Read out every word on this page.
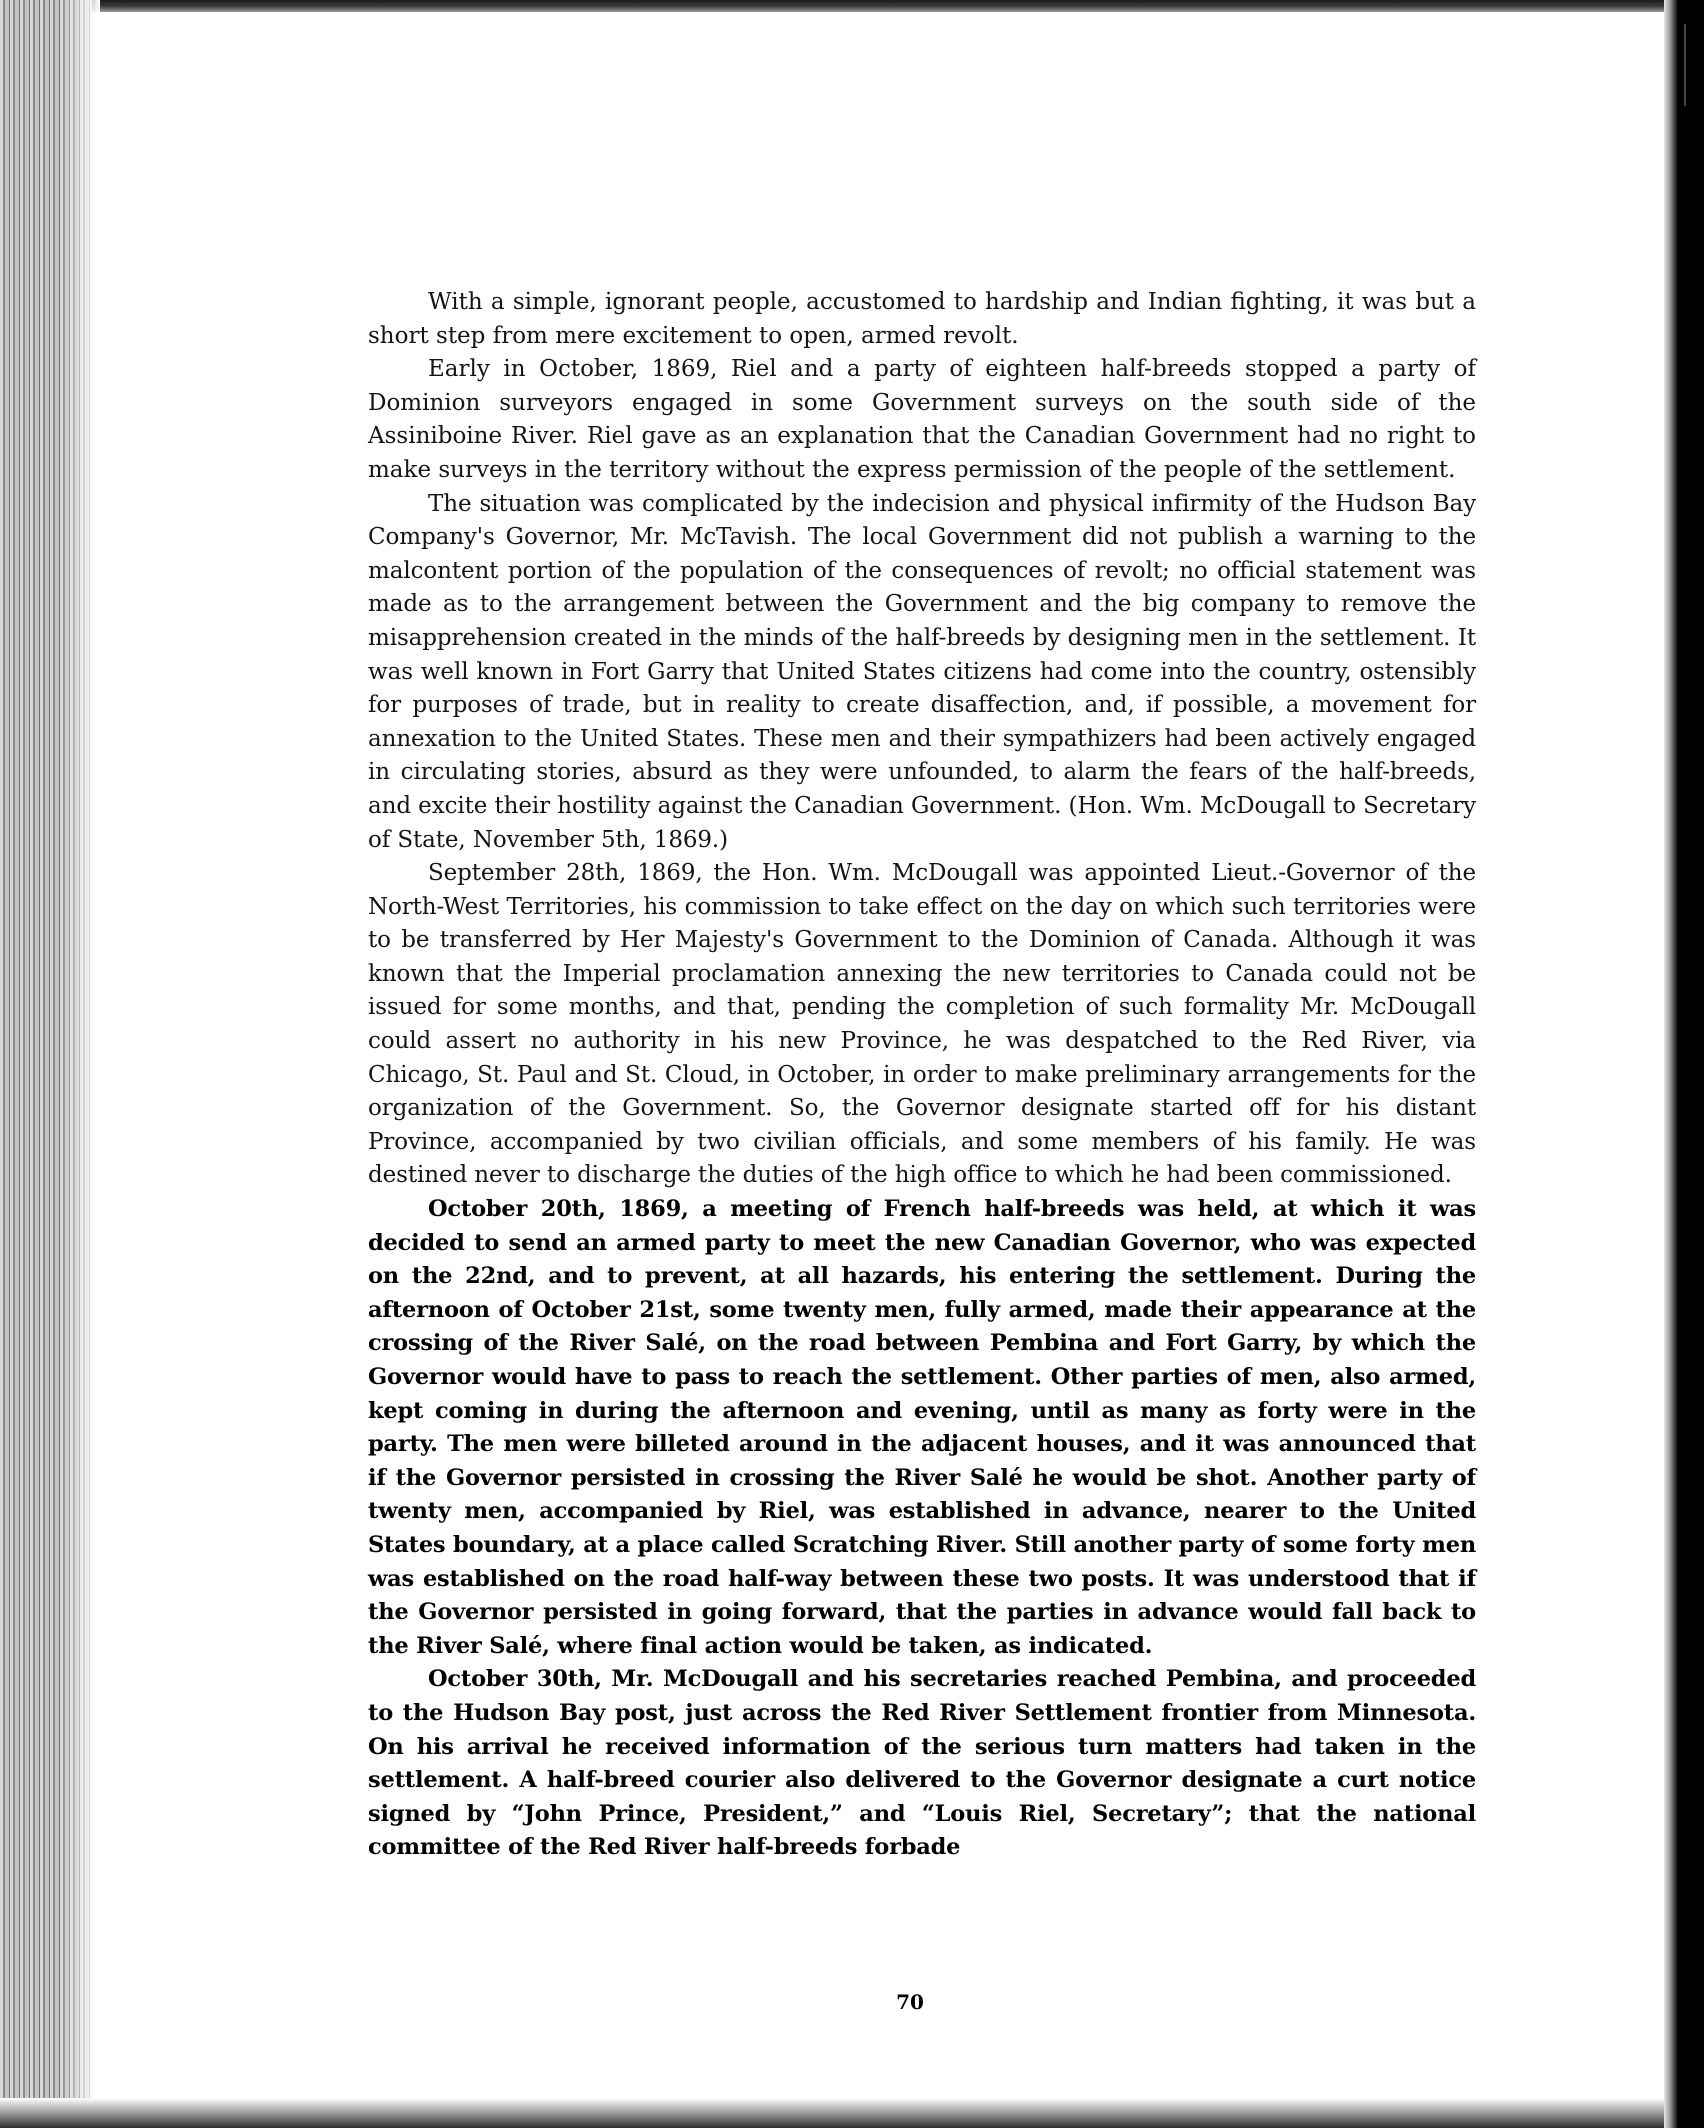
With a simple, ignorant people, accustomed to hardship and Indian fighting, it was but a short step from mere excitement to open, armed revolt.

Early in October, 1869, Riel and a party of eighteen half-breeds stopped a party of Dominion surveyors engaged in some Government surveys on the south side of the Assiniboine River. Riel gave as an explanation that the Canadian Government had no right to make surveys in the territory without the express permission of the people of the settlement.

The situation was complicated by the indecision and physical infirmity of the Hudson Bay Company's Governor, Mr. McTavish. The local Government did not publish a warning to the malcontent portion of the population of the consequences of revolt; no official statement was made as to the arrangement between the Government and the big company to remove the misapprehension created in the minds of the half-breeds by designing men in the settlement. It was well known in Fort Garry that United States citizens had come into the country, ostensibly for purposes of trade, but in reality to create disaffection, and, if possible, a movement for annexation to the United States. These men and their sympathizers had been actively engaged in circulating stories, absurd as they were unfounded, to alarm the fears of the half-breeds, and excite their hostility against the Canadian Government. (Hon. Wm. McDougall to Secretary of State, November 5th, 1869.)

September 28th, 1869, the Hon. Wm. McDougall was appointed Lieut.-Governor of the North-West Territories, his commission to take effect on the day on which such territories were to be transferred by Her Majesty's Government to the Dominion of Canada. Although it was known that the Imperial proclamation annexing the new territories to Canada could not be issued for some months, and that, pending the completion of such formality Mr. McDougall could assert no authority in his new Province, he was despatched to the Red River, via Chicago, St. Paul and St. Cloud, in October, in order to make preliminary arrangements for the organization of the Government. So, the Governor designate started off for his distant Province, accompanied by two civilian officials, and some members of his family. He was destined never to discharge the duties of the high office to which he had been commissioned.

October 20th, 1869, a meeting of French half-breeds was held, at which it was decided to send an armed party to meet the new Canadian Governor, who was expected on the 22nd, and to prevent, at all hazards, his entering the settlement. During the afternoon of October 21st, some twenty men, fully armed, made their appearance at the crossing of the River Salé, on the road between Pembina and Fort Garry, by which the Governor would have to pass to reach the settlement. Other parties of men, also armed, kept coming in during the afternoon and evening, until as many as forty were in the party. The men were billeted around in the adjacent houses, and it was announced that if the Governor persisted in crossing the River Salé he would be shot. Another party of twenty men, accompanied by Riel, was established in advance, nearer to the United States boundary, at a place called Scratching River. Still another party of some forty men was established on the road half-way between these two posts. It was understood that if the Governor persisted in going forward, that the parties in advance would fall back to the River Salé, where final action would be taken, as indicated.

October 30th, Mr. McDougall and his secretaries reached Pembina, and proceeded to the Hudson Bay post, just across the Red River Settlement frontier from Minnesota. On his arrival he received information of the serious turn matters had taken in the settlement. A half-breed courier also delivered to the Governor designate a curt notice signed by “John Prince, President,” and “Louis Riel, Secretary”; that the national committee of the Red River half-breeds forbade

70
